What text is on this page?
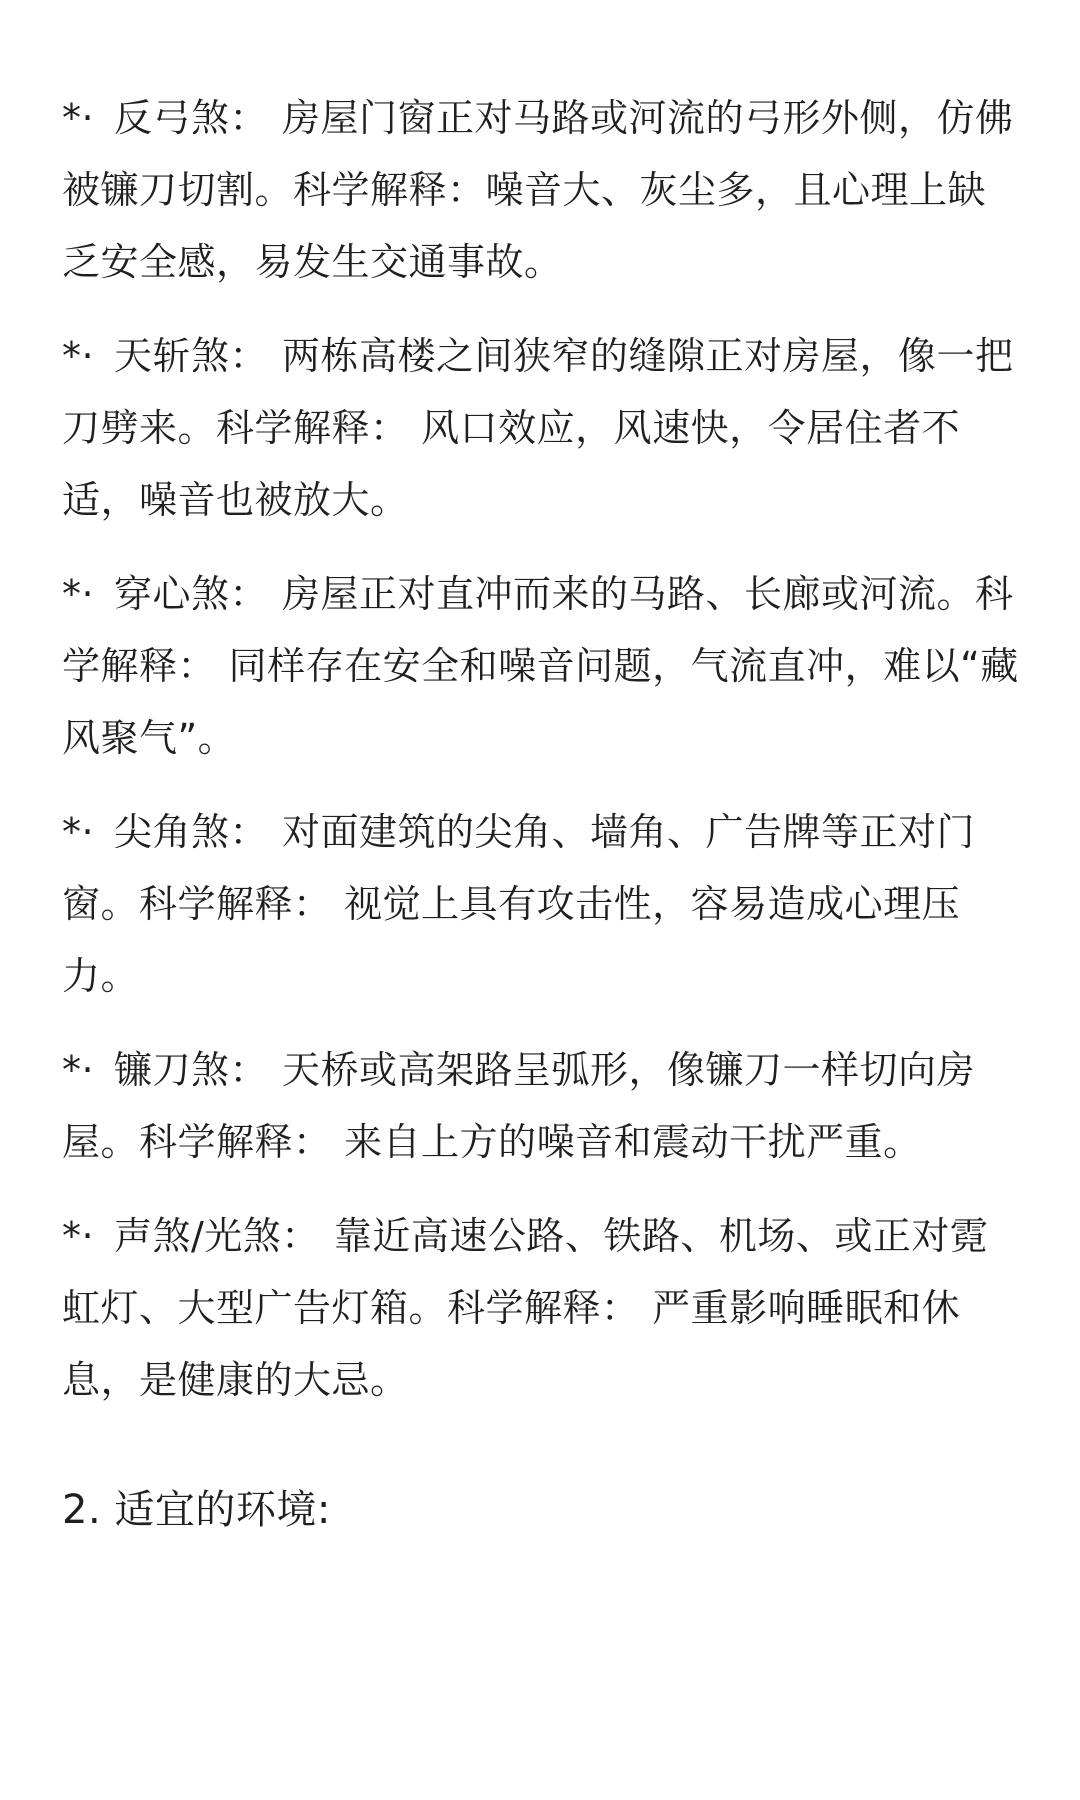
*· 反弓煞： 房屋门窗正对马路或河流的弓形外侧，仿佛被镰刀切割。科学解释：噪音大、灰尘多，且心理上缺乏安全感，易发生交通事故。

*· 天斩煞： 两栋高楼之间狭窄的缝隙正对房屋，像一把刀劈来。科学解释： 风口效应，风速快，令居住者不适，噪音也被放大。

*· 穿心煞： 房屋正对直冲而来的马路、长廊或河流。科学解释： 同样存在安全和噪音问题，气流直冲，难以“藏风聚气”。

*· 尖角煞： 对面建筑的尖角、墙角、广告牌等正对门窗。科学解释： 视觉上具有攻击性，容易造成心理压力。

*· 镰刀煞： 天桥或高架路呈弧形，像镰刀一样切向房屋。科学解释： 来自上方的噪音和震动干扰严重。

*· 声煞/光煞： 靠近高速公路、铁路、机场、或正对霓虹灯、大型广告灯箱。科学解释： 严重影响睡眠和休息，是健康的大忌。

2. 适宜的环境:
